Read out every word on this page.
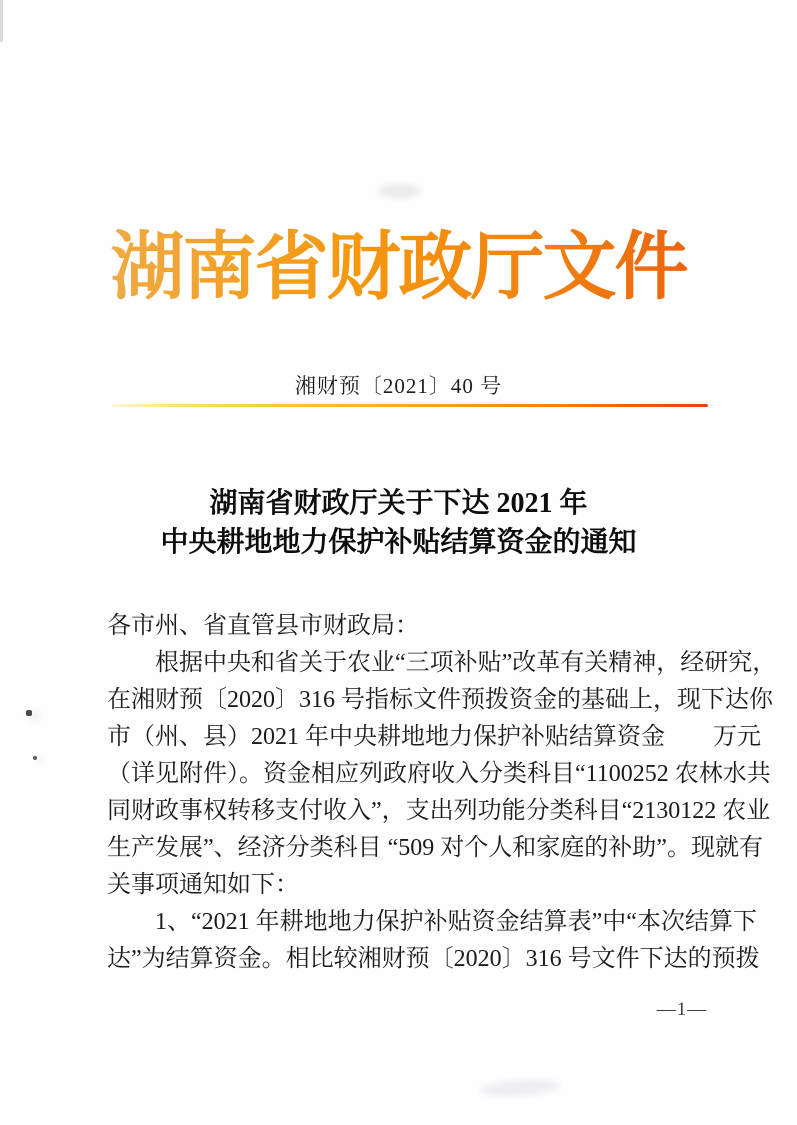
湖南省财政厅文件
湘财预〔2021〕40 号
湖南省财政厅关于下达 2021 年
中央耕地地力保护补贴结算资金的通知
各市州、省直管县市财政局：
　　根据中央和省关于农业“三项补贴”改革有关精神，经研究，
在湘财预〔2020〕316 号指标文件预拨资金的基础上，现下达你
市（州、县）2021 年中央耕地地力保护补贴结算资金　　万元
（详见附件）。资金相应列政府收入分类科目“1100252 农林水共
同财政事权转移支付收入”，支出列功能分类科目“2130122 农业
生产发展”、经济分类科目 “509 对个人和家庭的补助”。现就有
关事项通知如下：
　　1、“2021 年耕地地力保护补贴资金结算表”中“本次结算下
达”为结算资金。相比较湘财预〔2020〕316 号文件下达的预拨
—1—
